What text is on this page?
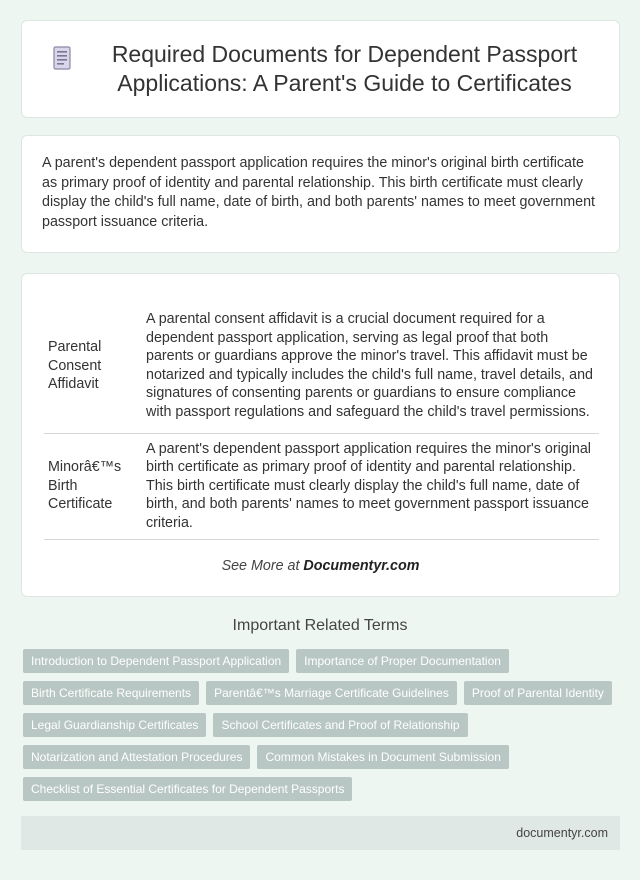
Required Documents for Dependent Passport Applications: A Parent's Guide to Certificates

A parent's dependent passport application requires the minor's original birth certificate as primary proof of identity and parental relationship. This birth certificate must clearly display the child's full name, date of birth, and both parents' names to meet government passport issuance criteria.

Parental Consent Affidavit	A parental consent affidavit is a crucial document required for a dependent passport application, serving as legal proof that both parents or guardians approve the minor's travel. This affidavit must be notarized and typically includes the child's full name, travel details, and signatures of consenting parents or guardians to ensure compliance with passport regulations and safeguard the child's travel permissions.
Minorâ€™s Birth Certificate	A parent's dependent passport application requires the minor's original birth certificate as primary proof of identity and parental relationship. This birth certificate must clearly display the child's full name, date of birth, and both parents' names to meet government passport issuance criteria.
See More at Documentyr.com
Important Related Terms
Introduction to Dependent Passport Application	Importance of Proper Documentation
Birth Certificate Requirements	Parentâ€™s Marriage Certificate Guidelines	Proof of Parental Identity
Legal Guardianship Certificates	School Certificates and Proof of Relationship
Notarization and Attestation Procedures	Common Mistakes in Document Submission
Checklist of Essential Certificates for Dependent Passports
documentyr.com
